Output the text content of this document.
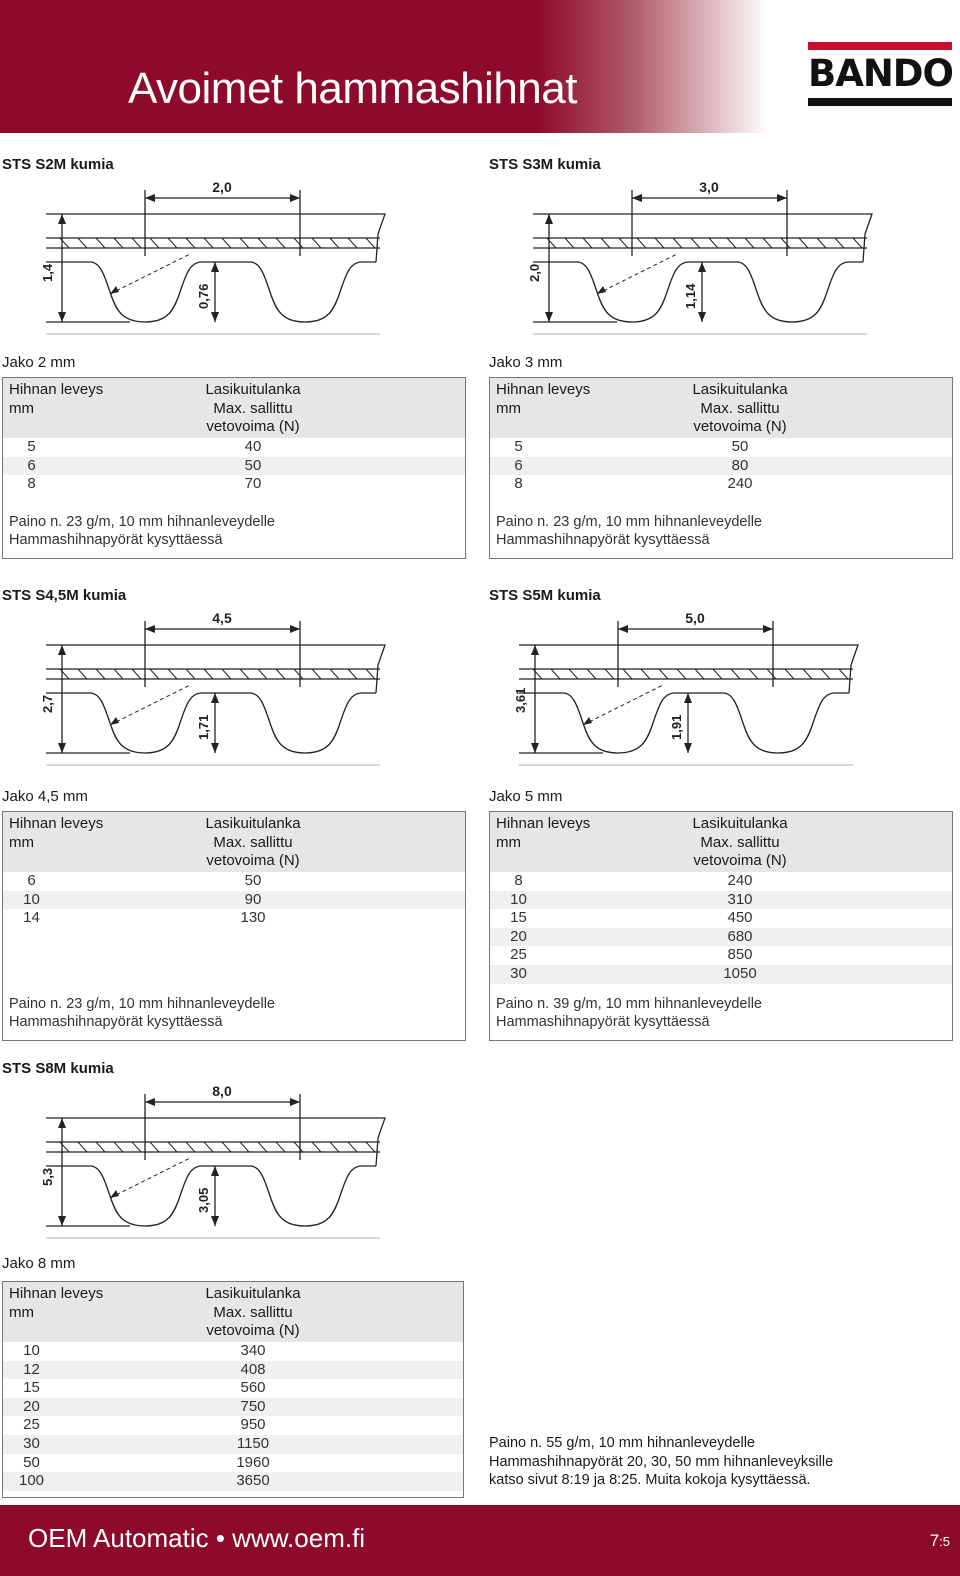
Avoimet hammashihnat	BANDO
STS S2M kumia
2,0
1,4
0,76
Jako 2 mm
Hihnan leveys
mm
Lasikuitulanka
Max. sallittu
vetovoima (N)
5	40
6	50
8	70
Paino n. 23 g/m, 10 mm hihnanleveydelle
Hammashihnapyörät kysyttäessä
STS S3M kumia
3,0
2,0
1,14
Jako 3 mm
Hihnan leveys
mm
Lasikuitulanka
Max. sallittu
vetovoima (N)
5	50
6	80
8	240
Paino n. 23 g/m, 10 mm hihnanleveydelle
Hammashihnapyörät kysyttäessä
STS S4,5M kumia
4,5
2,7
1,71
Jako 4,5 mm
Hihnan leveys
mm
Lasikuitulanka
Max. sallittu
vetovoima (N)
6	50
10	90
14	130
Paino n. 23 g/m, 10 mm hihnanleveydelle
Hammashihnapyörät kysyttäessä
STS S5M kumia
5,0
3,61
1,91
Jako 5 mm
Hihnan leveys
mm
Lasikuitulanka
Max. sallittu
vetovoima (N)
8	240
10	310
15	450
20	680
25	850
30	1050
Paino n. 39 g/m, 10 mm hihnanleveydelle
Hammashihnapyörät kysyttäessä
STS S8M kumia
8,0
5,3
3,05
Jako 8 mm
Hihnan leveys
mm
Lasikuitulanka
Max. sallittu
vetovoima (N)
10	340
12	408
15	560
20	750
25	950
30	1150
50	1960
100	3650
Paino n. 55 g/m, 10 mm hihnanleveydelle
Hammashihnapyörät 20, 30, 50 mm hihnanleveyksille
katso sivut 8:19 ja 8:25. Muita kokoja kysyttäessä.
OEM Automatic • www.oem.fi	7:5
